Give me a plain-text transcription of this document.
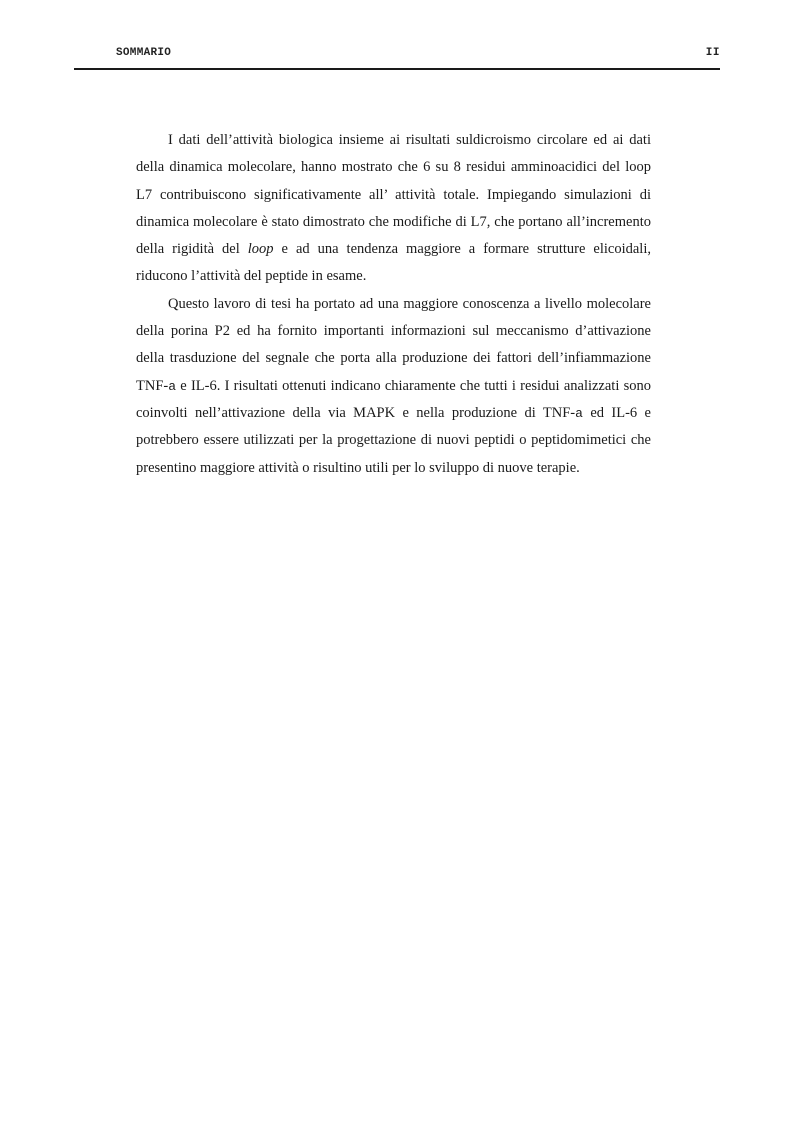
SOMMARIO	II

I dati dell’attività biologica insieme ai risultati suldicroismo circolare ed ai dati della dinamica molecolare, hanno mostrato che 6 su 8 residui amminoacidici del loop L7 contribuiscono significativamente all’ attività totale. Impiegando simulazioni di dinamica molecolare è stato dimostrato che modifiche di L7, che portano all’incremento della rigidità del loop e ad una tendenza maggiore a formare strutture elicoidali, riducono l’attività del peptide in esame.

Questo lavoro di tesi ha portato ad una maggiore conoscenza a livello molecolare della porina P2 ed ha fornito importanti informazioni sul meccanismo d’attivazione della trasduzione del segnale che porta alla produzione dei fattori dell’infiammazione TNF-a e IL-6. I risultati ottenuti indicano chiaramente che tutti i residui analizzati sono coinvolti nell’attivazione della via MAPK e nella produzione di TNF-a ed IL-6 e potrebbero essere utilizzati per la progettazione di nuovi peptidi o peptidomimetici che presentino maggiore attività o risultino utili per lo sviluppo di nuove terapie.
